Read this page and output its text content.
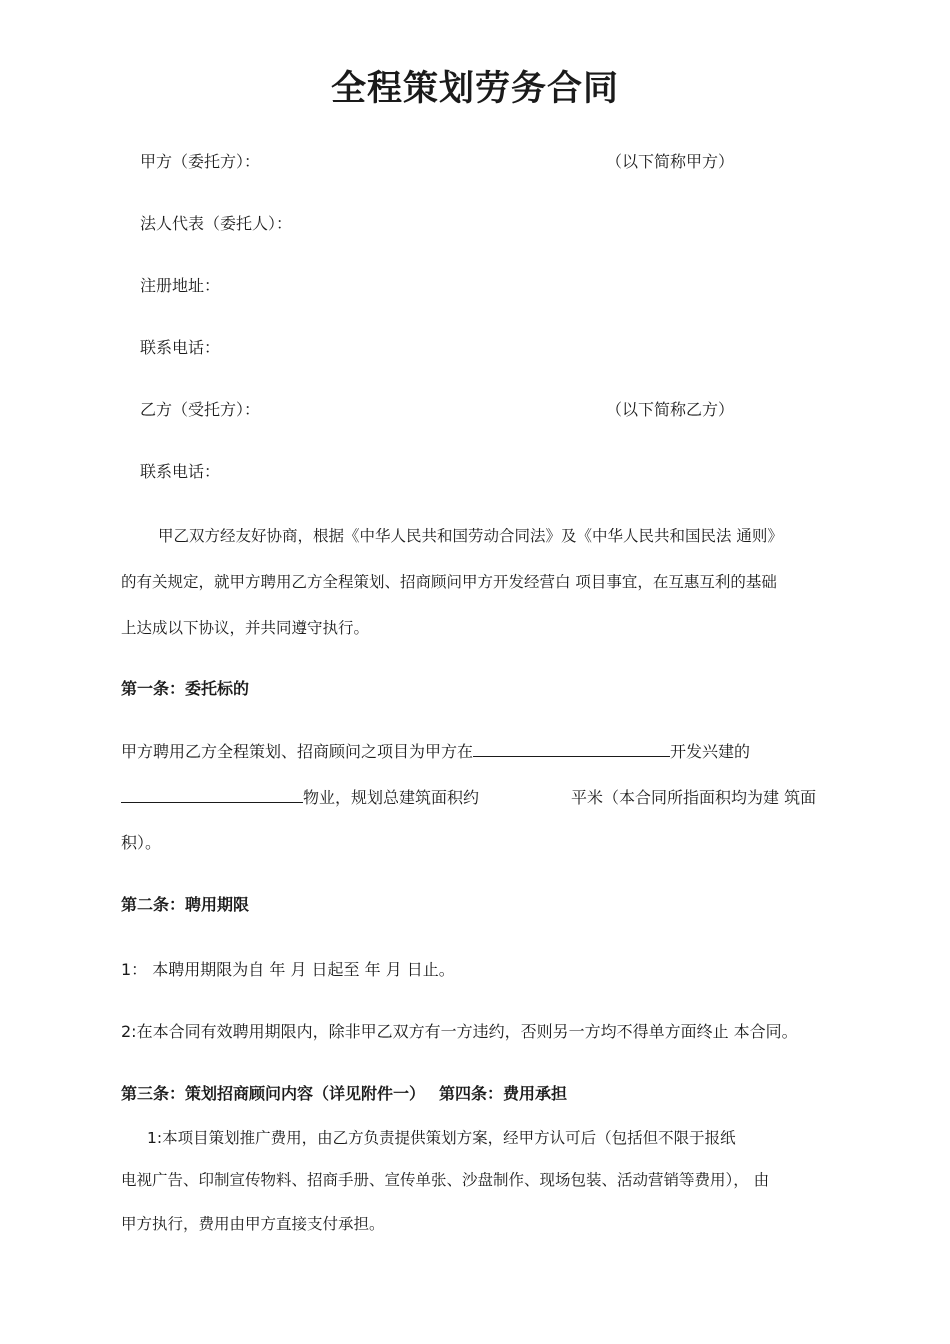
全程策划劳务合同
甲方（委托方）：	（以下简称甲方）
法人代表（委托人）：
注册地址：
联系电话：
乙方（受托方）：	（以下简称乙方）
联系电话：
甲乙双方经友好协商，根据《中华人民共和国劳动合同法》及《中华人民共和国民法 通则》
的有关规定，就甲方聘用乙方全程策划、招商顾问甲方开发经营白 项目事宜，在互惠互利的基础
上达成以下协议，并共同遵守执行。
第一条：委托标的
甲方聘用乙方全程策划、招商顾问之项目为甲方在	开发兴建的
物业，规划总建筑面积约	平米（本合同所指面积均为建 筑面
积）。
第二条：聘用期限
1： 本聘用期限为自 年 月 日起至 年 月 日止。
2:在本合同有效聘用期限内，除非甲乙双方有一方违约，否则另一方均不得单方面终止 本合同。
第三条：策划招商顾问内容（详见附件一） 第四条：费用承担
1:本项目策划推广费用，由乙方负责提供策划方案，经甲方认可后（包括但不限于报纸
电视广告、印制宣传物料、招商手册、宣传单张、沙盘制作、现场包装、活动营销等费用）， 由
甲方执行，费用由甲方直接支付承担。
